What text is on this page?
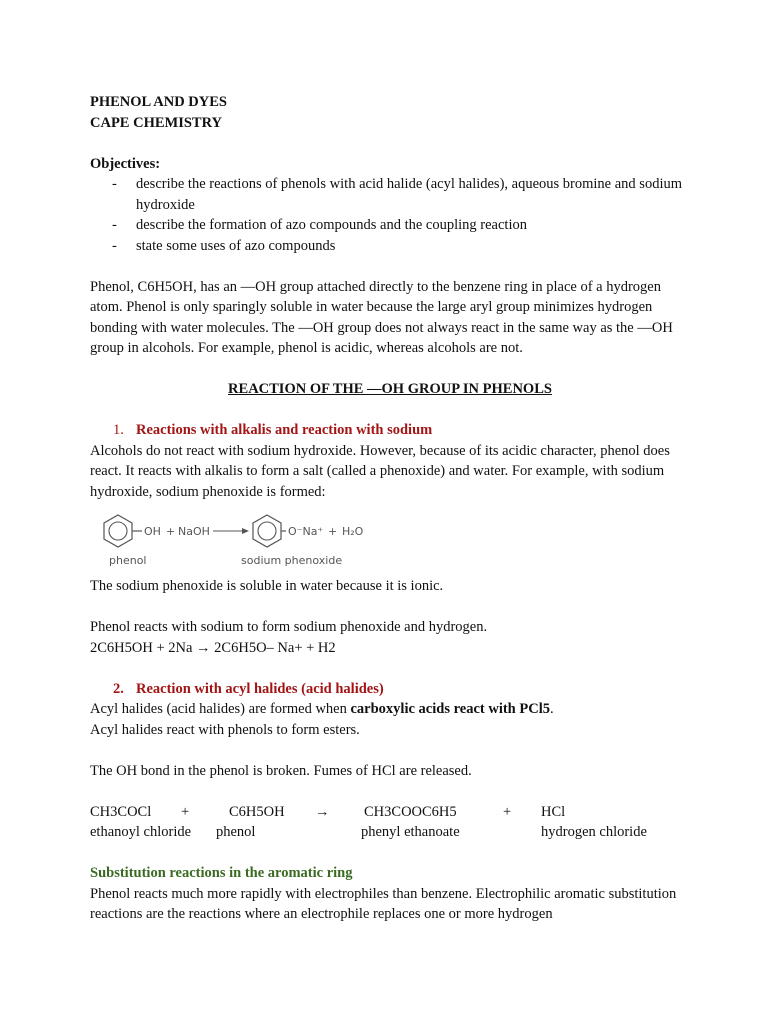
PHENOL AND DYES
CAPE CHEMISTRY
Objectives:
- describe the reactions of phenols with acid halide (acyl halides), aqueous bromine and sodium hydroxide
- describe the formation of azo compounds and the coupling reaction
- state some uses of azo compounds

Phenol, C6H5OH, has an —OH group attached directly to the benzene ring in place of a hydrogen atom. Phenol is only sparingly soluble in water because the large aryl group minimizes hydrogen bonding with water molecules. The —OH group does not always react in the same way as the —OH group in alcohols. For example, phenol is acidic, whereas alcohols are not.

REACTION OF THE —OH GROUP IN PHENOLS
1. Reactions with alkalis and reaction with sodium

Alcohols do not react with sodium hydroxide. However, because of its acidic character, phenol does react. It reacts with alkalis to form a salt (called a phenoxide) and water. For example, with sodium hydroxide, sodium phenoxide is formed:

OH + NaOH	O⁻Na⁺ + H₂O
phenol	sodium phenoxide

The sodium phenoxide is soluble in water because it is ionic.

Phenol reacts with sodium to form sodium phenoxide and hydrogen.

2C6H5OH + 2Na → 2C6H5O– Na+ + H2

2. Reaction with acyl halides (acid halides)

Acyl halides (acid halides) are formed when carboxylic acids react with PCl5.

Acyl halides react with phenols to form esters.

The OH bond in the phenol is broken. Fumes of HCl are released.

CH3COCl	+	C6H5OH	→	CH3COOC6H5	+	HCl
ethanoyl chloride	phenol	phenyl ethanoate	hydrogen chloride
Substitution reactions in the aromatic ring

Phenol reacts much more rapidly with electrophiles than benzene. Electrophilic aromatic substitution reactions are the reactions where an electrophile replaces one or more hydrogen
